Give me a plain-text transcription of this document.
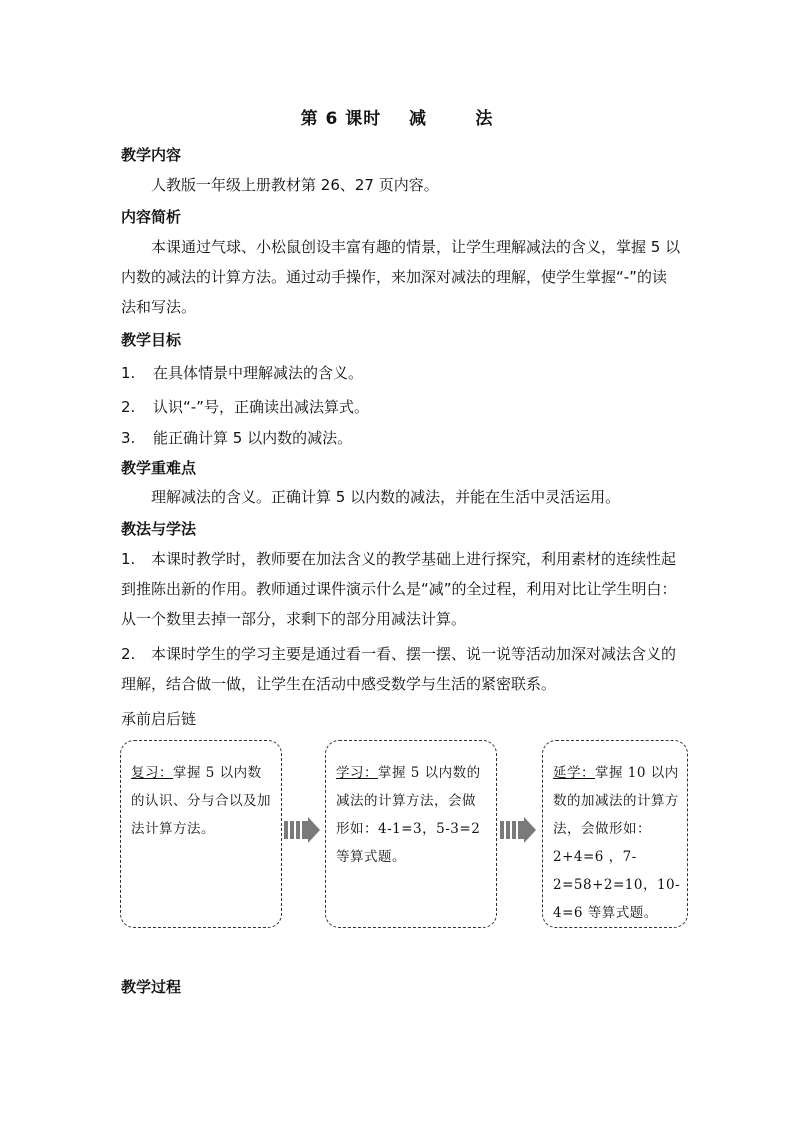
第 6 课时    减       法
教学内容
人教版一年级上册教材第 26、27 页内容。
内容简析
本课通过气球、小松鼠创设丰富有趣的情景，让学生理解减法的含义，掌握 5 以内数的减法的计算方法。通过动手操作，来加深对减法的理解，使学生掌握“-”的读法和写法。
教学目标
1. 在具体情景中理解减法的含义。
2. 认识“-”号，正确读出减法算式。
3. 能正确计算 5 以内数的减法。
教学重难点
理解减法的含义。正确计算 5 以内数的减法，并能在生活中灵活运用。
教法与学法
1. 本课时教学时，教师要在加法含义的教学基础上进行探究，利用素材的连续性起到推陈出新的作用。教师通过课件演示什么是“减”的全过程，利用对比让学生明白：从一个数里去掉一部分，求剩下的部分用减法计算。
2. 本课时学生的学习主要是通过看一看、摆一摆、说一说等活动加深对减法含义的理解，结合做一做，让学生在活动中感受数学与生活的紧密联系。
承前启后链
复习：掌握 5 以内数的认识、分与合以及加法计算方法。
学习：掌握 5 以内数的减法的计算方法，会做形如：4-1=3，5-3=2 等算式题。
延学：掌握 10 以内数的加减法的计算方法，会做形如：2+4=6 ，7-2=58+2=10，10-4=6 等算式题。
教学过程
